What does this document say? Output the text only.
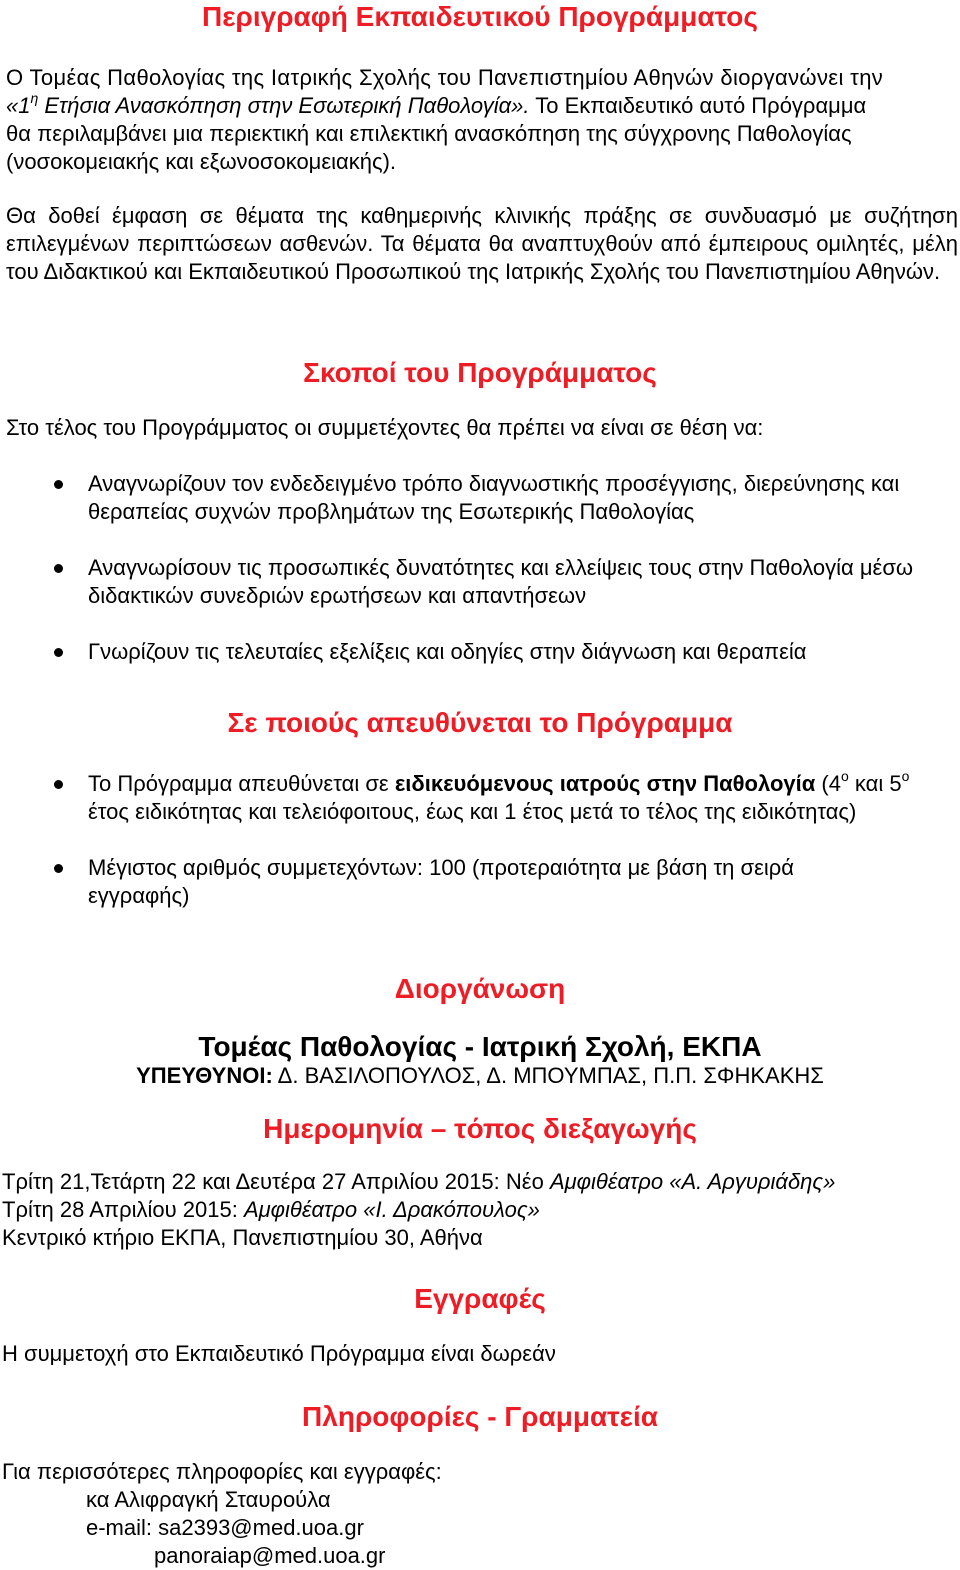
Περιγραφή Εκπαιδευτικού Προγράμματος
Ο Τομέας Παθολογίας της Ιατρικής Σχολής του Πανεπιστημίου Αθηνών διοργανώνει την
«$1^\eta$ Ετήσια Ανασκόπηση στην Εσωτερική Παθολογία». Το Εκπαιδευτικό αυτό Πρόγραμμα
θα περιλαμβάνει μια περιεκτική και επιλεκτική ανασκόπηση της σύγχρονης Παθολογίας
(νοσοκομειακής και εξωνοσοκομειακής).

Θα δοθεί έμφαση σε θέματα της καθημερινής κλινικής πράξης σε συνδυασμό με συζήτηση επιλεγμένων περιπτώσεων ασθενών. Τα θέματα θα αναπτυχθούν από έμπειρους ομιλητές, μέλη του Διδακτικού και Εκπαιδευτικού Προσωπικού της Ιατρικής Σχολής του Πανεπιστημίου Αθηνών.

Σκοποί του Προγράμματος
Στο τέλος του Προγράμματος οι συμμετέχοντες θα πρέπει να είναι σε θέση να:
Αναγνωρίζουν τον ενδεδειγμένο τρόπο διαγνωστικής προσέγγισης, διερεύνησης και θεραπείας συχνών προβλημάτων της Εσωτερικής Παθολογίας
Αναγνωρίσουν τις προσωπικές δυνατότητες και ελλείψεις τους στην Παθολογία μέσω διδακτικών συνεδριών ερωτήσεων και απαντήσεων
Γνωρίζουν τις τελευταίες εξελίξεις και οδηγίες στην διάγνωση και θεραπεία
Σε ποιούς απευθύνεται το Πρόγραμμα
Το Πρόγραμμα απευθύνεται σε ειδικευόμενους ιατρούς στην Παθολογία ($4^o$ και $5^o$ έτος ειδικότητας και τελειόφοιτους, έως και 1 έτος μετά το τέλος της ειδικότητας)
Μέγιστος αριθμός συμμετεχόντων: 100 (προτεραιότητα με βάση τη σειρά εγγραφής)
Διοργάνωση
Τομέας Παθολογίας - Ιατρική Σχολή, ΕΚΠΑ
ΥΠΕΥΘΥΝΟΙ: Δ. ΒΑΣΙΛΟΠΟΥΛΟΣ, Δ. ΜΠΟΥΜΠΑΣ, Π.Π. ΣΦΗΚΑΚΗΣ
Ημερομηνία – τόπος διεξαγωγής
Τρίτη 21,Τετάρτη 22 και Δευτέρα 27 Απριλίου 2015: Νέο Αμφιθέατρο «Α. Αργυριάδης»
Τρίτη 28 Απριλίου 2015: Αμφιθέατρο «Ι. Δρακόπουλος»
Κεντρικό κτήριο ΕΚΠΑ, Πανεπιστημίου 30, Αθήνα
Εγγραφές
Η συμμετοχή στο Εκπαιδευτικό Πρόγραμμα είναι δωρεάν
Πληροφορίες - Γραμματεία
Για περισσότερες πληροφορίες και εγγραφές:
κα Αλιφραγκή Σταυρούλα
e-mail: sa2393@med.uoa.gr
panoraiap@med.uoa.gr
